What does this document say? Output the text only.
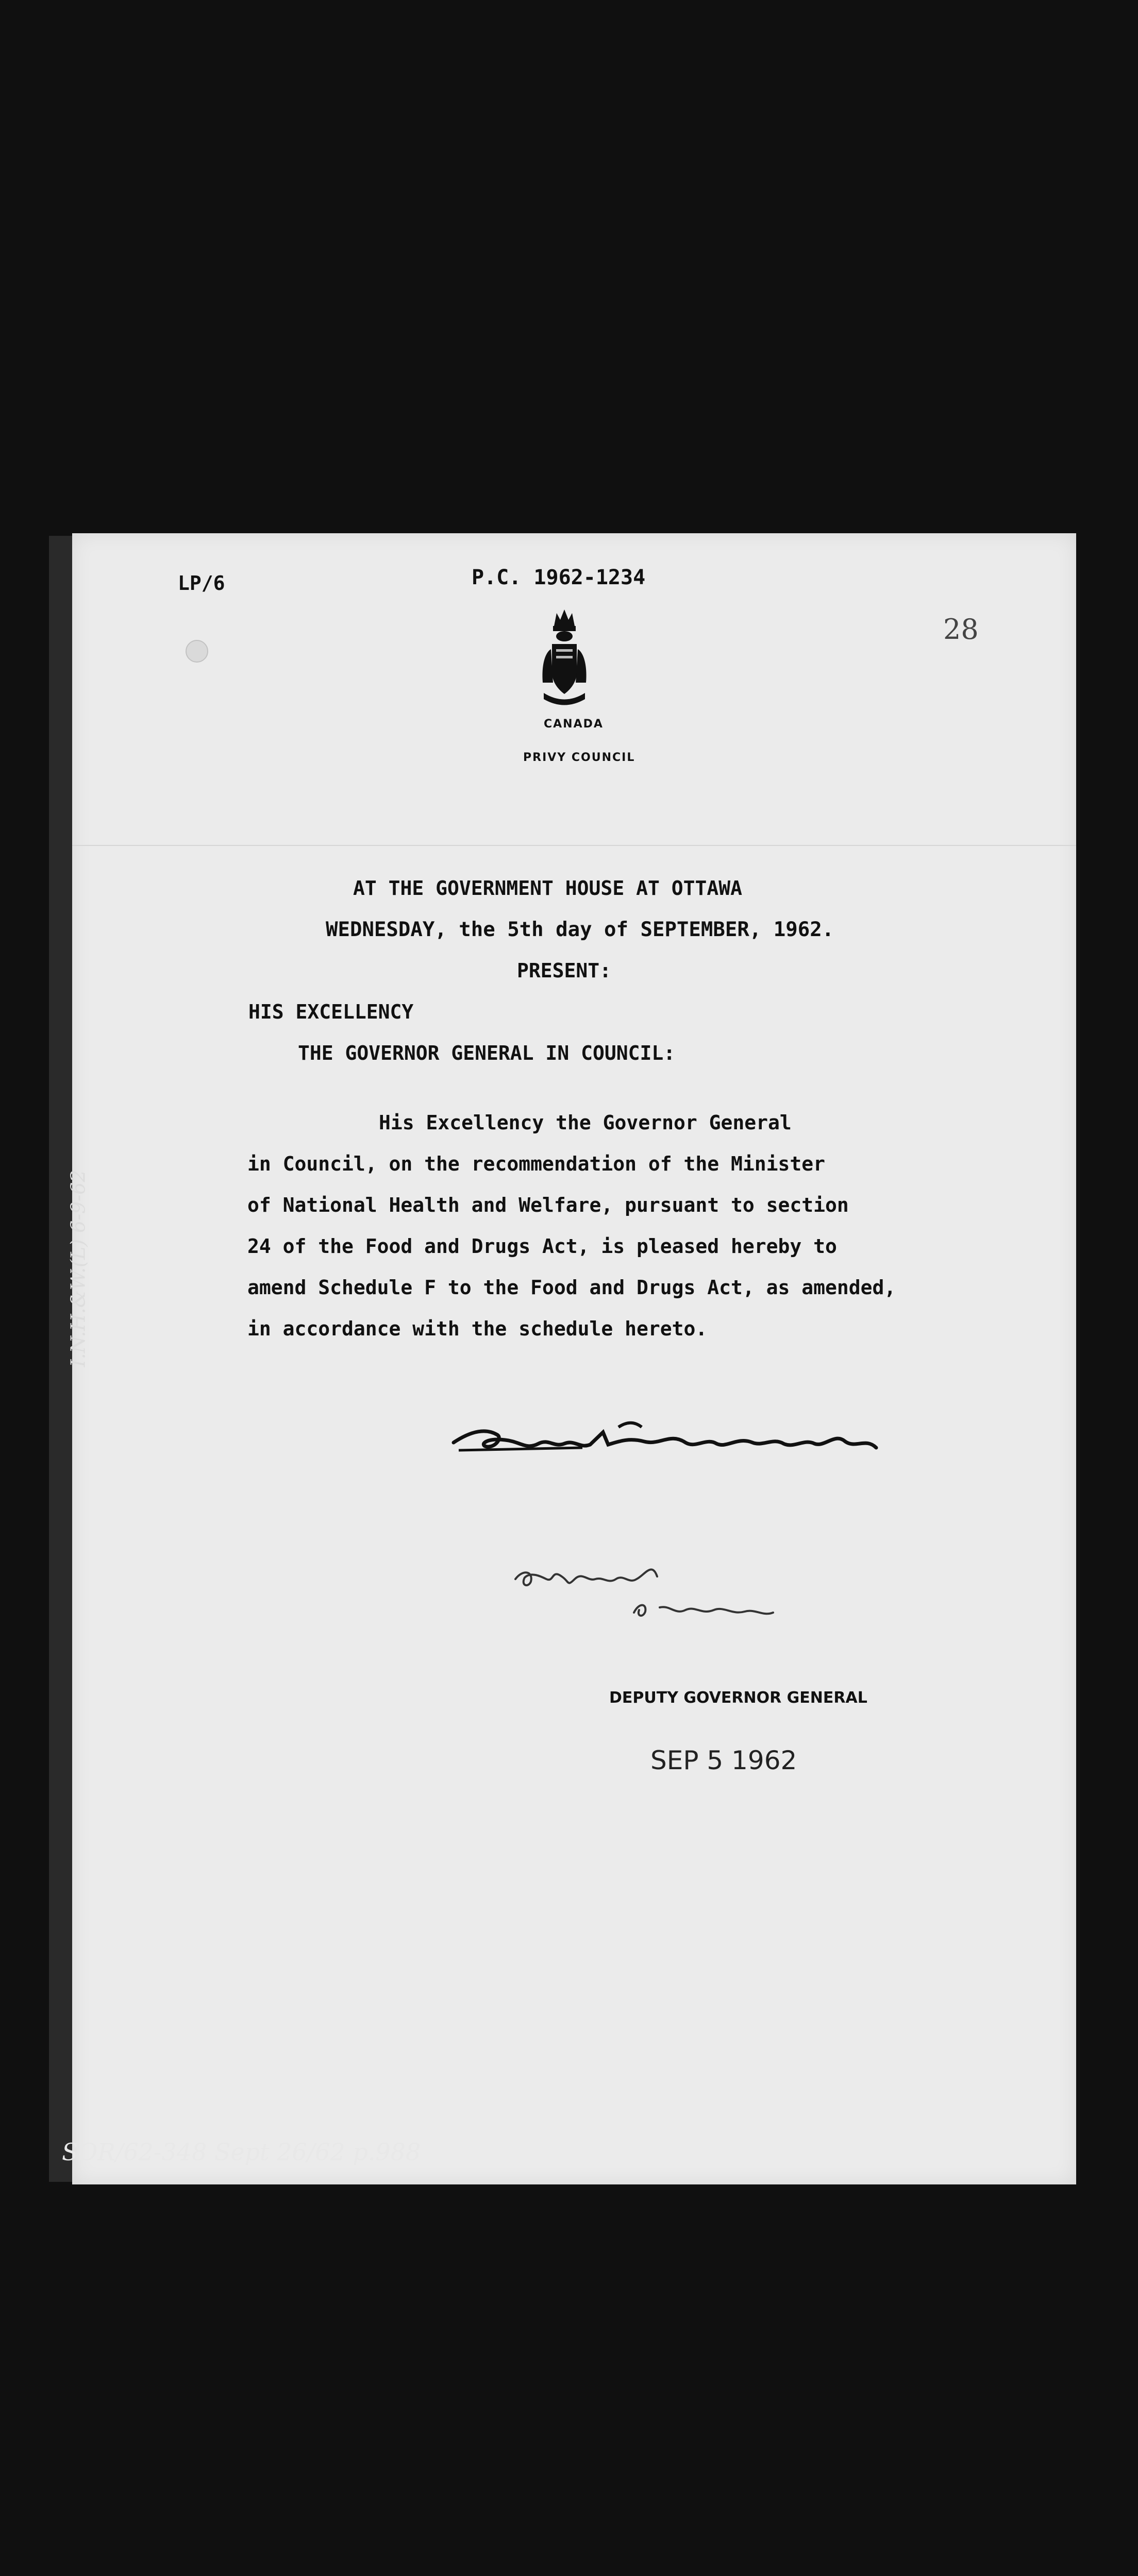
LP/6	P.C. 1962-1234
28
CANADA
PRIVY COUNCIL
AT THE GOVERNMENT HOUSE AT OTTAWA
WEDNESDAY, the 5th day of SEPTEMBER, 1962.
PRESENT:
HIS EXCELLENCY
THE GOVERNOR GENERAL IN COUNCIL:
His Excellency the Governor General
in Council, on the recommendation of the Minister
of National Health and Welfare, pursuant to section
24 of the Food and Drugs Act, is pleased hereby to
amend Schedule F to the Food and Drugs Act, as amended,
in accordance with the schedule hereto.
DEPUTY GOVERNOR GENERAL
SEP 5 1962
I.N.H.&W.(L) 6-9-62
SOR/62-348 Sept 26/62 p.988
